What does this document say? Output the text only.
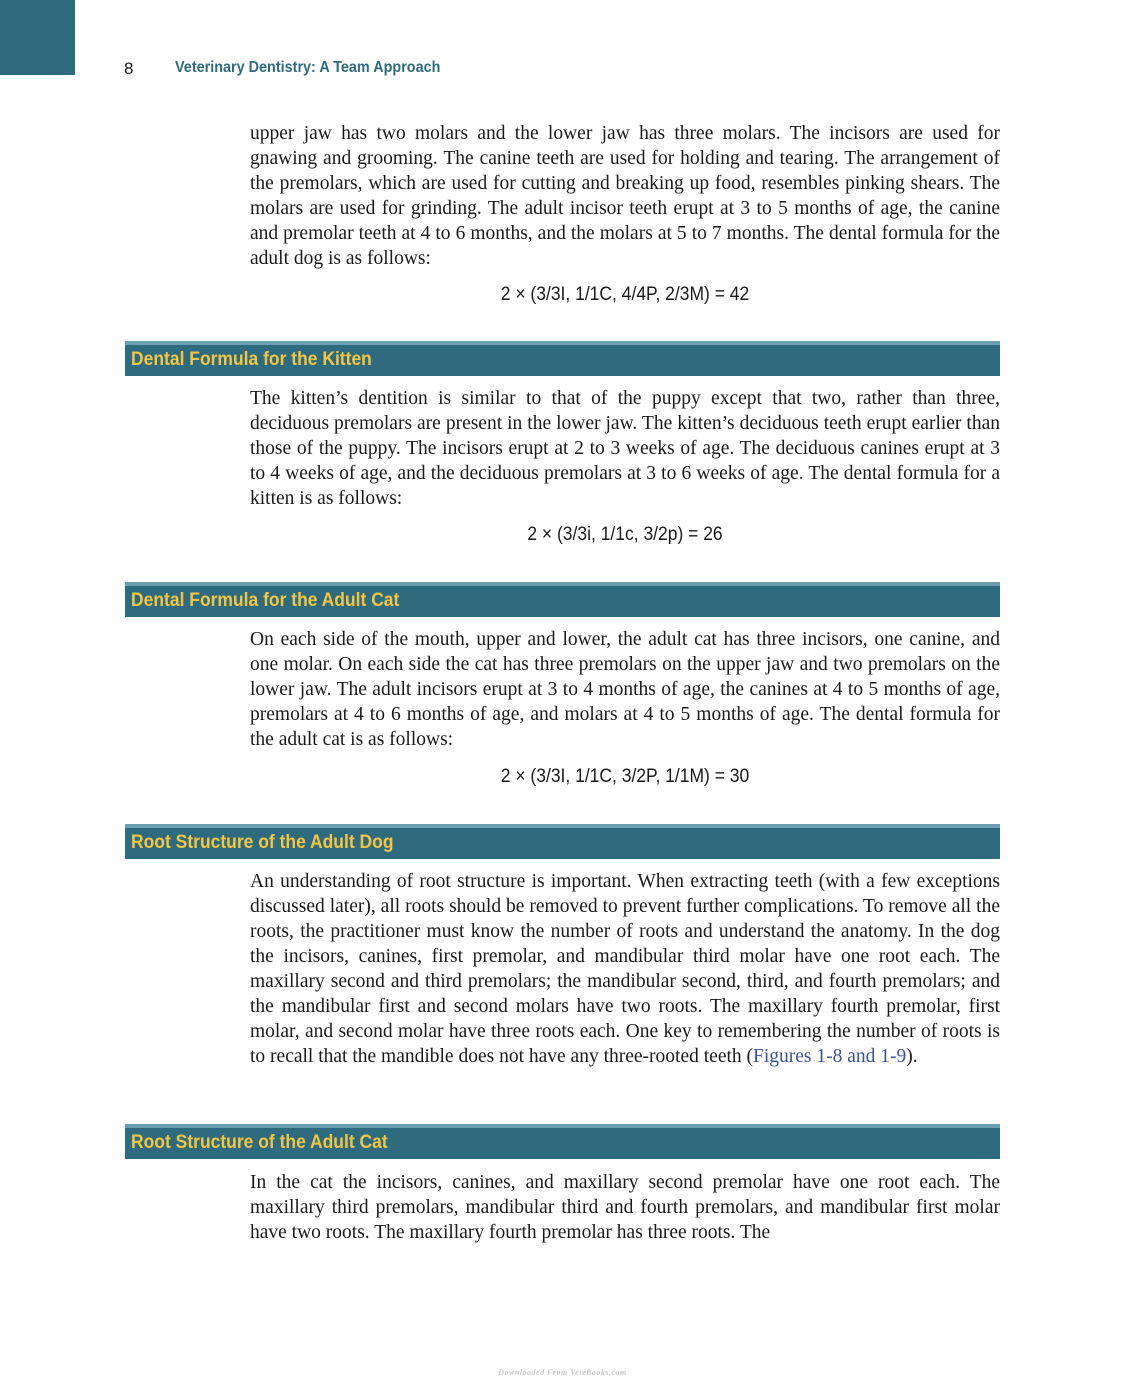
8	Veterinary Dentistry: A Team Approach

upper jaw has two molars and the lower jaw has three molars. The incisors are used for gnawing and grooming. The canine teeth are used for holding and tearing. The arrangement of the premolars, which are used for cutting and breaking up food, resembles pinking shears. The molars are used for grinding. The adult incisor teeth erupt at 3 to 5 months of age, the canine and premolar teeth at 4 to 6 months, and the molars at 5 to 7 months. The dental formula for the adult dog is as follows:

2 × (3/3I, 1/1C, 4/4P, 2/3M) = 42
Dental Formula for the Kitten

The kitten’s dentition is similar to that of the puppy except that two, rather than three, deciduous premolars are present in the lower jaw. The kitten’s deciduous teeth erupt earlier than those of the puppy. The incisors erupt at 2 to 3 weeks of age. The deciduous canines erupt at 3 to 4 weeks of age, and the deciduous premolars at 3 to 6 weeks of age. The dental formula for a kitten is as follows:

2 × (3/3i, 1/1c, 3/2p) = 26
Dental Formula for the Adult Cat

On each side of the mouth, upper and lower, the adult cat has three incisors, one canine, and one molar. On each side the cat has three premolars on the upper jaw and two premolars on the lower jaw. The adult incisors erupt at 3 to 4 months of age, the canines at 4 to 5 months of age, premolars at 4 to 6 months of age, and molars at 4 to 5 months of age. The dental formula for the adult cat is as follows:

2 × (3/3I, 1/1C, 3/2P, 1/1M) = 30
Root Structure of the Adult Dog

An understanding of root structure is important. When extracting teeth (with a few exceptions discussed later), all roots should be removed to prevent further complications. To remove all the roots, the practitioner must know the number of roots and understand the anatomy. In the dog the incisors, canines, first premolar, and mandibular third molar have one root each. The maxillary second and third premolars; the mandibular second, third, and fourth premolars; and the mandibular first and second molars have two roots. The maxillary fourth premolar, first molar, and second molar have three roots each. One key to remembering the number of roots is to recall that the mandible does not have any three-rooted teeth (Figures 1-8 and 1-9).

Root Structure of the Adult Cat

In the cat the incisors, canines, and maxillary second premolar have one root each. The maxillary third premolars, mandibular third and fourth premolars, and mandibular first molar have two roots. The maxillary fourth premolar has three roots. The

Downloaded From VeteBooks.com
